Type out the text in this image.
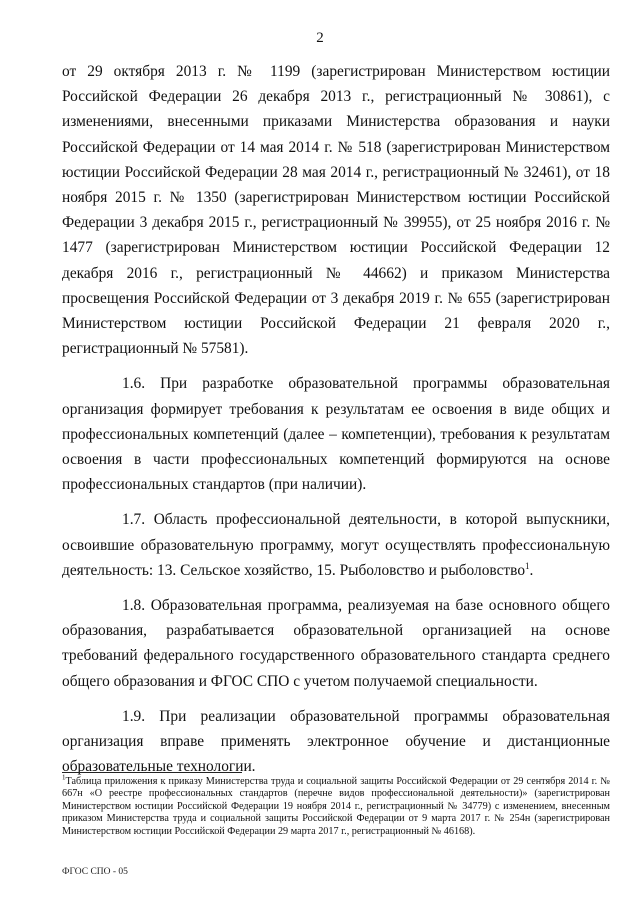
2

от 29 октября 2013 г. № 1199 (зарегистрирован Министерством юстиции Российской Федерации 26 декабря 2013 г., регистрационный № 30861), с изменениями, внесенными приказами Министерства образования и науки Российской Федерации от 14 мая 2014 г. № 518 (зарегистрирован Министерством юстиции Российской Федерации 28 мая 2014 г., регистрационный № 32461), от 18 ноября 2015 г. № 1350 (зарегистрирован Министерством юстиции Российской Федерации 3 декабря 2015 г., регистрационный № 39955), от 25 ноября 2016 г. № 1477 (зарегистрирован Министерством юстиции Российской Федерации 12 декабря 2016 г., регистрационный № 44662) и приказом Министерства просвещения Российской Федерации от 3 декабря 2019 г. № 655 (зарегистрирован Министерством юстиции Российской Федерации 21 февраля 2020 г., регистрационный № 57581).

1.6. При разработке образовательной программы образовательная организация формирует требования к результатам ее освоения в виде общих и профессиональных компетенций (далее – компетенции), требования к результатам освоения в части профессиональных компетенций формируются на основе профессиональных стандартов (при наличии).

1.7. Область профессиональной деятельности, в которой выпускники, освоившие образовательную программу, могут осуществлять профессиональную деятельность: 13. Сельское хозяйство, 15. Рыболовство и рыболовство$^1$.

1.8. Образовательная программа, реализуемая на базе основного общего образования, разрабатывается образовательной организацией на основе требований федерального государственного образовательного стандарта среднего общего образования и ФГОС СПО с учетом получаемой специальности.

1.9. При реализации образовательной программы образовательная организация вправе применять электронное обучение и дистанционные образовательные технологии.

$^1$Таблица приложения к приказу Министерства труда и социальной защиты Российской Федерации от 29 сентября 2014 г. № 667н «О реестре профессиональных стандартов (перечне видов профессиональной деятельности)» (зарегистрирован Министерством юстиции Российской Федерации 19 ноября 2014 г., регистрационный № 34779) с изменением, внесенным приказом Министерства труда и социальной защиты Российской Федерации от 9 марта 2017 г. № 254н (зарегистрирован Министерством юстиции Российской Федерации 29 марта 2017 г., регистрационный № 46168).

ФГОС СПО - 05
